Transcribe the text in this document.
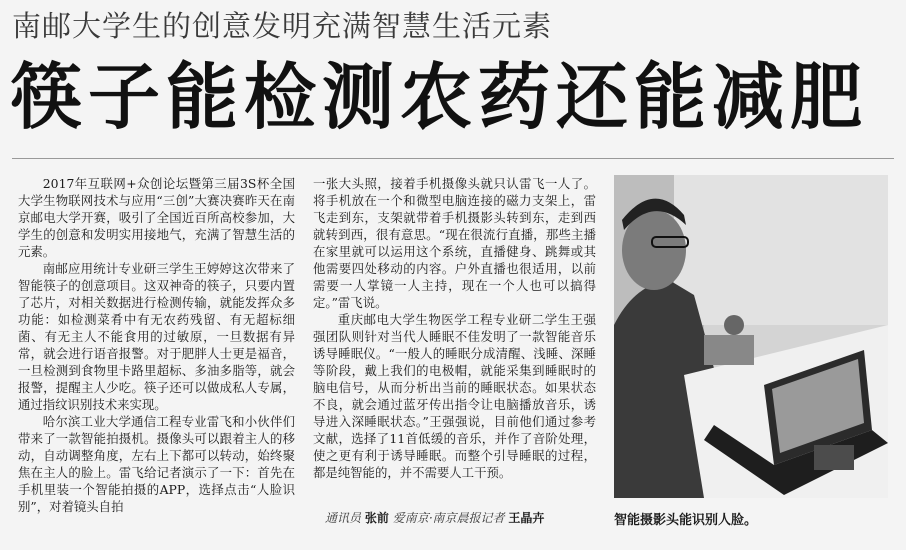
南邮大学生的创意发明充满智慧生活元素
筷子能检测农药还能减肥

2017年互联网+众创论坛暨第三届3S杯全国大学生物联网技术与应用“三创”大赛决赛昨天在南京邮电大学开赛，吸引了全国近百所高校参加，大学生的创意和发明实用接地气，充满了智慧生活的元素。

南邮应用统计专业研三学生王婷婷这次带来了智能筷子的创意项目。这双神奇的筷子，只要内置了芯片，对相关数据进行检测传输，就能发挥众多功能：如检测菜肴中有无农药残留、有无超标细菌、有无主人不能食用的过敏原，一旦数据有异常，就会进行语音报警。对于肥胖人士更是福音，一旦检测到食物里卡路里超标、多油多脂等，就会报警，提醒主人少吃。筷子还可以做成私人专属，通过指纹识别技术来实现。

哈尔滨工业大学通信工程专业雷飞和小伙伴们带来了一款智能拍摄机。摄像头可以跟着主人的移动，自动调整角度，左右上下都可以转动，始终聚焦在主人的脸上。雷飞给记者演示了一下：首先在手机里装一个智能拍摄的APP，选择点击“人脸识别”，对着镜头自拍

一张大头照，接着手机摄像头就只认雷飞一人了。将手机放在一个和微型电脑连接的磁力支架上，雷飞走到东，支架就带着手机摄影头转到东，走到西就转到西，很有意思。“现在很流行直播，那些主播在家里就可以运用这个系统，直播健身、跳舞或其他需要四处移动的内容。户外直播也很适用，以前需要一人掌镜一人主持，现在一个人也可以搞得定。”雷飞说。

重庆邮电大学生物医学工程专业研二学生王强强团队则针对当代人睡眠不佳发明了一款智能音乐诱导睡眠仪。“一般人的睡眠分成清醒、浅睡、深睡等阶段，戴上我们的电极帽，就能采集到睡眠时的脑电信号，从而分析出当前的睡眠状态。如果状态不良，就会通过蓝牙传出指令让电脑播放音乐，诱导进入深睡眠状态。”王强强说，目前他们通过参考文献，选择了11首低缓的音乐，并作了音阶处理，使之更有利于诱导睡眠。而整个引导睡眠的过程，都是纯智能的，并不需要人工干预。

通讯员 张前 爱南京·南京晨报记者 王晶卉	智能摄影头能识别人脸。
